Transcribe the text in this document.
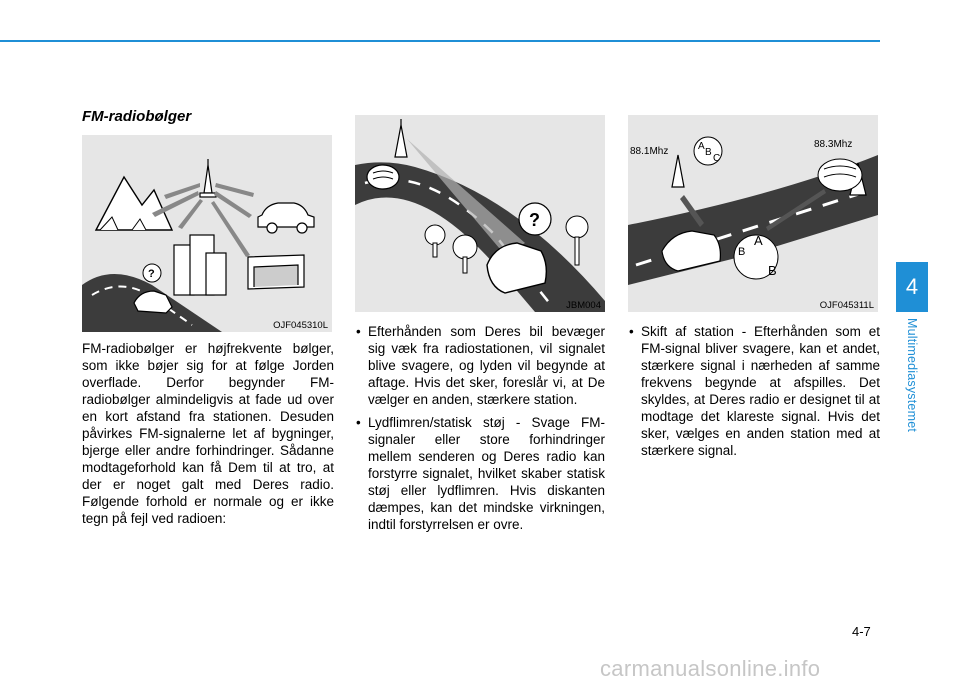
4
Multimediasystemet
FM-radiobølger
?
OJF045310L
?
JBM004
A
B
C
A
B
B
88.1Mhz
88.3Mhz
OJF045311L

FM-radiobølger er højfrekvente bølger, som ikke bøjer sig for at følge Jorden overflade. Derfor begynder FM-radiobølger almindeligvis at fade ud over en kort afstand fra stationen. Desuden påvirkes FM-signalerne let af bygninger, bjerge eller andre forhindringer. Sådanne modtageforhold kan få Dem til at tro, at der er noget galt med Deres radio. Følgende forhold er normale og er ikke tegn på fejl ved radioen:

• Efterhånden som Deres bil bevæger sig væk fra radiostationen, vil signalet blive svagere, og lyden vil begynde at aftage. Hvis det sker, foreslår vi, at De vælger en anden, stærkere station.
• Lydflimren/statisk støj - Svage FM-signaler eller store forhindringer mellem senderen og Deres radio kan forstyrre signalet, hvilket skaber statisk støj eller lydflimren. Hvis diskanten dæmpes, kan det mindske virkningen, indtil forstyrrelsen er ovre.
• Skift af station - Efterhånden som et FM-signal bliver svagere, kan et andet, stærkere signal i nærheden af samme frekvens begynde at afspilles. Det skyldes, at Deres radio er designet til at modtage det klareste signal. Hvis det sker, vælges en anden station med at stærkere signal.
4-7
carmanualsonline.info
